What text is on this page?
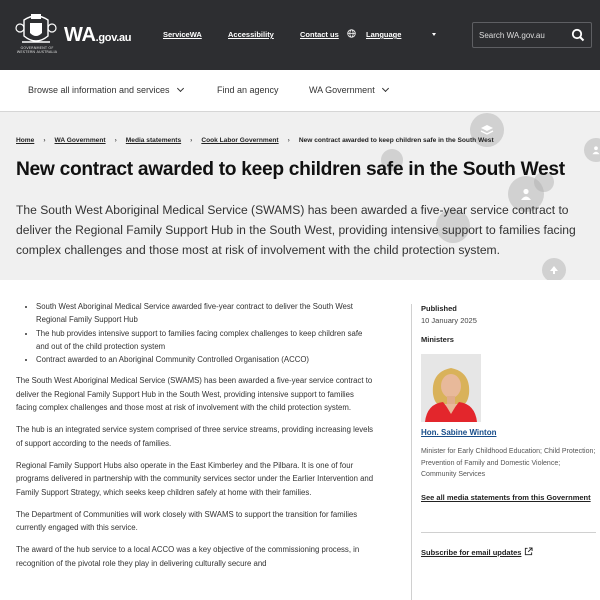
GOVERNMENT OF WESTERN AUSTRALIA
WA.gov.au	ServiceWA	Accessibility	Contact us	Language
Search WA.gov.au
Browse all information and services	Find an agency	WA Government
Home › WA Government › Media statements › Cook Labor Government › New contract awarded to keep children safe in the South West
New contract awarded to keep children safe in the South West

The South West Aboriginal Medical Service (SWAMS) has been awarded a five-year service contract to deliver the Regional Family Support Hub in the South West, providing intensive support to families facing complex challenges and those most at risk of involvement with the child protection system.

• South West Aboriginal Medical Service awarded five-year contract to deliver the South West Regional Family Support Hub
• The hub provides intensive support to families facing complex challenges to keep children safe and out of the child protection system
• Contract awarded to an Aboriginal Community Controlled Organisation (ACCO)

The South West Aboriginal Medical Service (SWAMS) has been awarded a five-year service contract to deliver the Regional Family Support Hub in the South West, providing intensive support to families facing complex challenges and those most at risk of involvement with the child protection system.

The hub is an integrated service system comprised of three service streams, providing increasing levels of support according to the needs of families.

Regional Family Support Hubs also operate in the East Kimberley and the Pilbara. It is one of four programs delivered in partnership with the community services sector under the Earlier Intervention and Family Support Strategy, which seeks keep children safely at home with their families.

The Department of Communities will work closely with SWAMS to support the transition for families currently engaged with this service.

The award of the hub service to a local ACCO was a key objective of the commissioning process, in recognition of the pivotal role they play in delivering culturally secure and

Published
10 January 2025
Ministers
Hon. Sabine Winton
Minister for Early Childhood Education; Child Protection; Prevention of Family and Domestic Violence; Community Services
See all media statements from this Government
Subscribe for email updates
